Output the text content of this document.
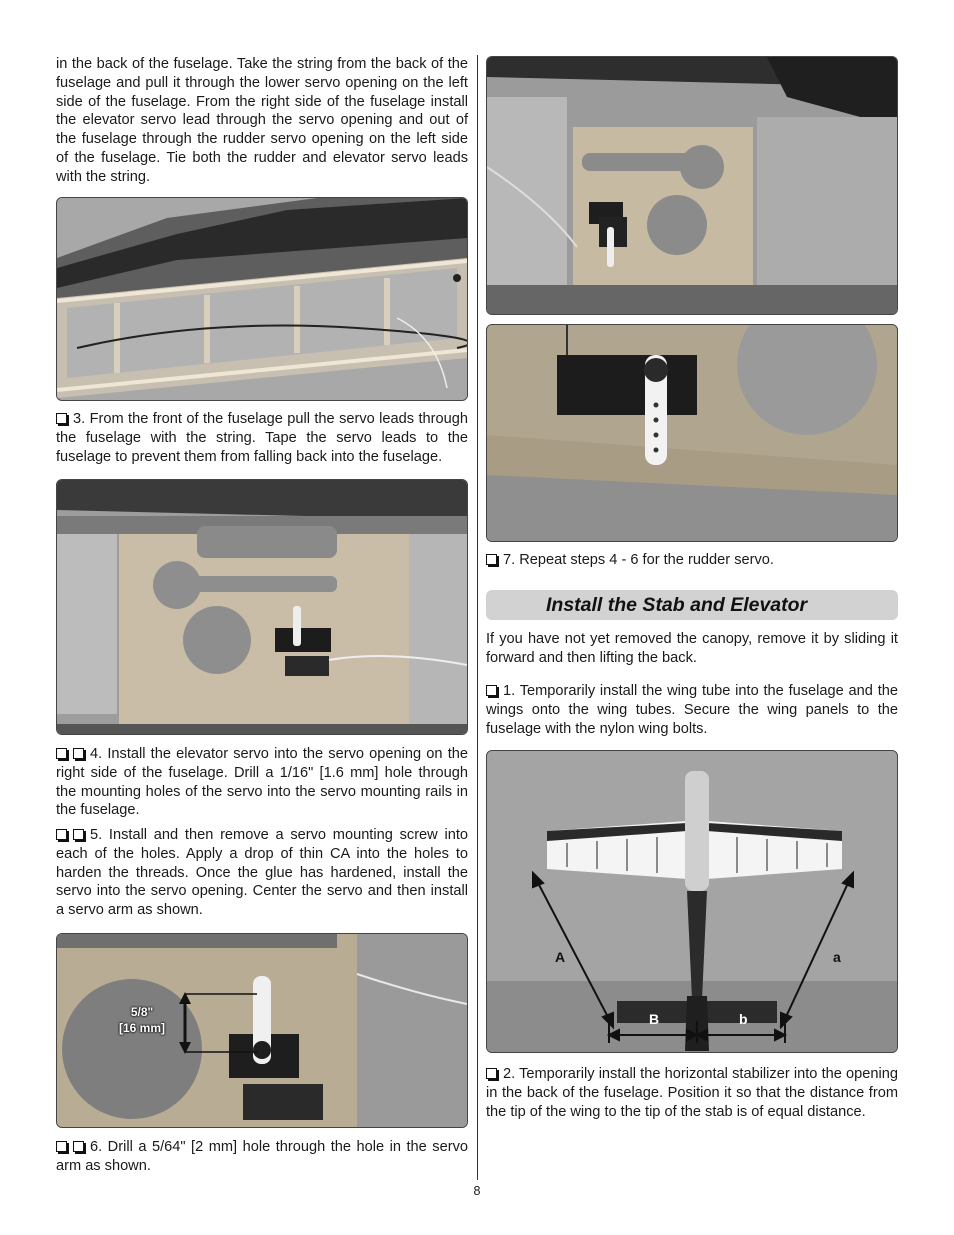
in the back of the fuselage. Take the string from the back of the fuselage and pull it through the lower servo opening on the left side of the fuselage. From the right side of the fuselage install the elevator servo lead through the servo opening and out of the fuselage through the rudder servo opening on the left side of the fuselage. Tie both the rudder and elevator servo leads with the string.

3. From the front of the fuselage pull the servo leads through the fuselage with the string. Tape the servo leads to the fuselage to prevent them from falling back into the fuselage.

4. Install the elevator servo into the servo opening on the right side of the fuselage. Drill a 1/16" [1.6 mm] hole through the mounting holes of the servo into the servo mounting rails in the fuselage.

5. Install and then remove a servo mounting screw into each of the holes. Apply a drop of thin CA into the holes to harden the threads. Once the glue has hardened, install the servo into the servo opening. Center the servo and then install a servo arm as shown.

5/8"
[16 mm]

6. Drill a 5/64" [2 mm] hole through the hole in the servo arm as shown.

7. Repeat steps 4 - 6 for the rudder servo.

If you have not yet removed the canopy, remove it by sliding it forward and then lifting the back.

1. Temporarily install the wing tube into the fuselage and the wings onto the wing tubes. Secure the wing panels to the fuselage with the nylon wing bolts.

A	a
B	b

2. Temporarily install the horizontal stabilizer into the opening in the back of the fuselage. Position it so that the distance from the tip of the wing to the tip of the stab is of equal distance.

Install the Stab and Elevator
8
